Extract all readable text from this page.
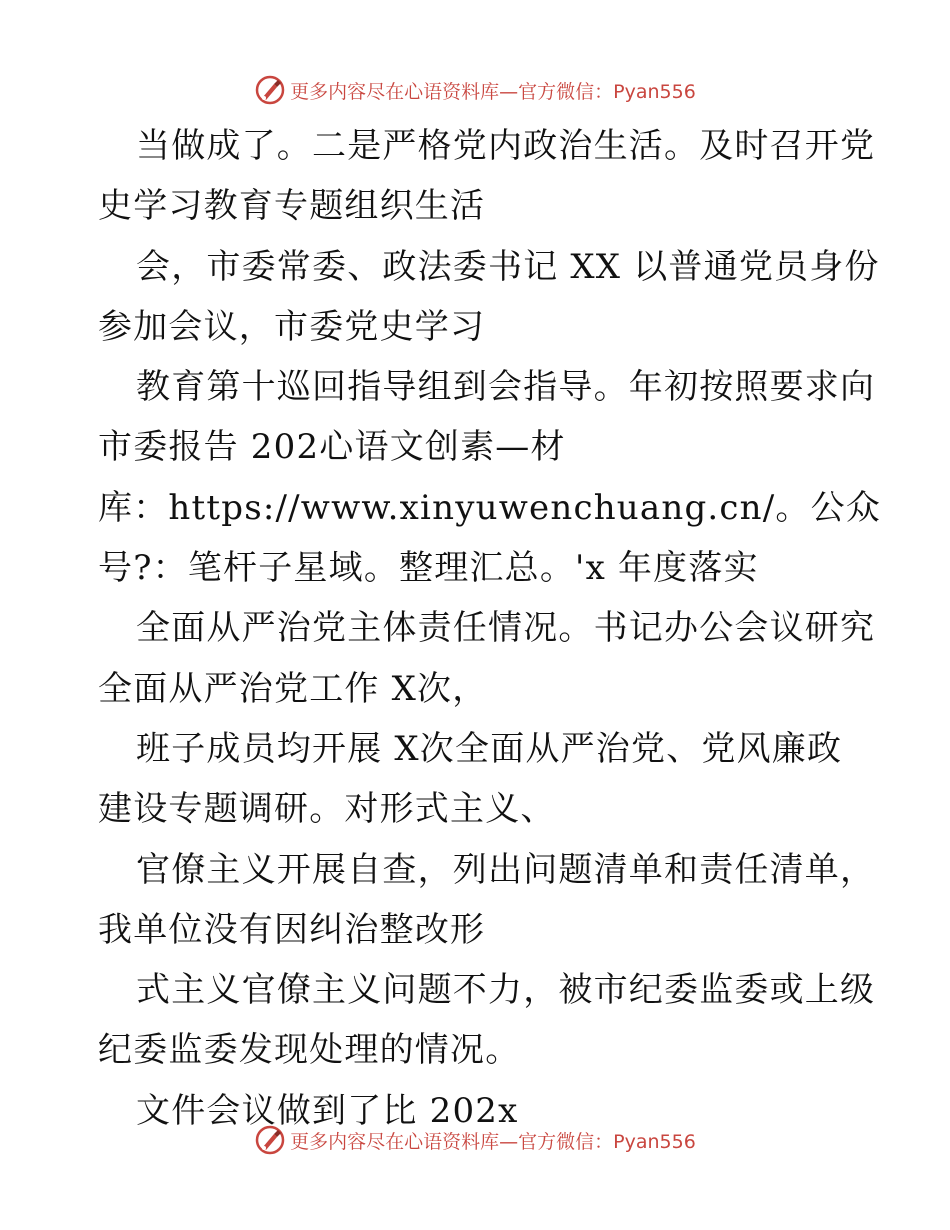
更多内容尽在心语资料库—官方微信：Pyan556
当做成了。二是严格党内政治生活。及时召开党
史学习教育专题组织生活
会，市委常委、政法委书记 XX 以普通党员身份
参加会议，市委党史学习
教育第十巡回指导组到会指导。年初按照要求向
市委报告 202心语文创素—材
库：https://www.xinyuwenchuang.cn/。公众
号?：笔杆子星域。整理汇总。'x 年度落实
全面从严治党主体责任情况。书记办公会议研究
全面从严治党工作 X次，
班子成员均开展 X次全面从严治党、党风廉政
建设专题调研。对形式主义、
官僚主义开展自查，列出问题清单和责任清单，
我单位没有因纠治整改形
式主义官僚主义问题不力，被市纪委监委或上级
纪委监委发现处理的情况。
文件会议做到了比 202x
更多内容尽在心语资料库—官方微信：Pyan556
